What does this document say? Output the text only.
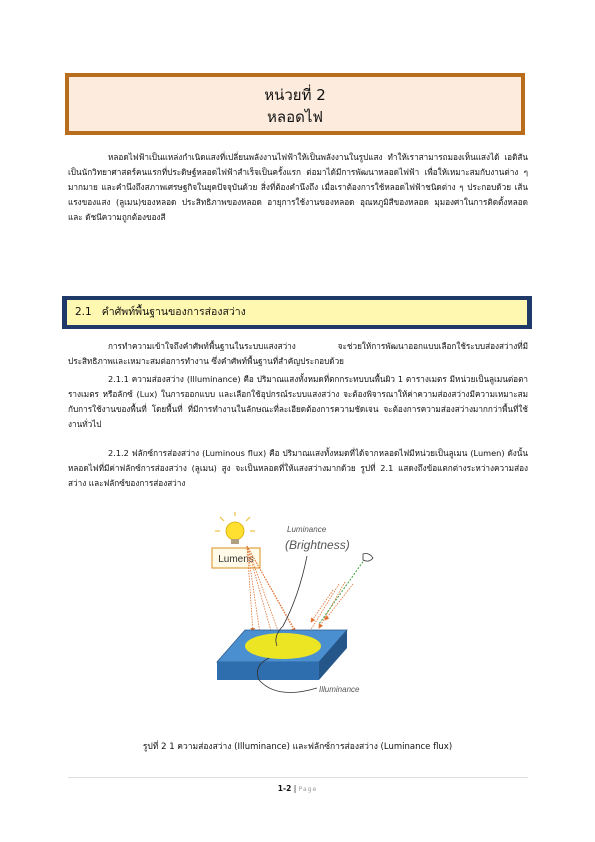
หน่วยที่ 2
หลอดไฟ

หลอดไฟฟ้าเป็นแหล่งกำเนิดแสงที่เปลี่ยนพลังงานไฟฟ้าให้เป็นพลังงานในรูปแสง ทำให้เราสามารถมองเห็นแสงได้ เอดิสัน เป็นนักวิทยาศาสตร์คนแรกที่ประดิษฐ์หลอดไฟฟ้าสำเร็จเป็นครั้งแรก ต่อมาได้มีการพัฒนาหลอดไฟฟ้า เพื่อให้เหมาะสมกับงานต่าง ๆ มากมาย และคำนึงถึงสภาพเศรษฐกิจในยุคปัจจุบันด้วย สิ่งที่ต้องคำนึงถึง เมื่อเราต้องการใช้หลอดไฟฟ้าชนิดต่าง ๆ ประกอบด้วย เส้นแรงของแสง (ลูเมน)ของหลอด ประสิทธิภาพของหลอด อายุการใช้งานของหลอด อุณหภูมิสีของหลอด มุมองศาในการติดตั้งหลอด และ ดัชนีความถูกต้องของสี

2.1 คำศัพท์พื้นฐานของการส่องสว่าง

การทำความเข้าใจถึงคำศัพท์พื้นฐานในระบบแสงสว่าง จะช่วยให้การพัฒนาออกแบบเลือกใช้ระบบส่องสว่างที่มีประสิทธิภาพและเหมาะสมต่อการทำงาน ซึ่งคำศัพท์พื้นฐานที่สำคัญประกอบด้วย

2.1.1 ความส่องสว่าง (Illuminance) คือ ปริมาณแสงทั้งหมดที่ตกกระทบบนพื้นผิว 1 ตารางเมตร มีหน่วยเป็นลูเมนต่อตารางเมตร หรือลักซ์ (Lux) ในการออกแบบ และเลือกใช้อุปกรณ์ระบบแสงสว่าง จะต้องพิจารณาให้ค่าความส่องสว่างมีความเหมาะสม กับการใช้งานของพื้นที่ โดยพื้นที่ ที่มีการทำงานในลักษณะที่ละเอียดต้องการความชัดเจน จะต้องการความส่องสว่างมากกว่าพื้นที่ใช้งานทั่วไป

2.1.2 ฟลักซ์การส่องสว่าง (Luminous flux) คือ ปริมาณแสงทั้งหมดที่ได้จากหลอดไฟมีหน่วยเป็นลูเมน (Lumen) ดังนั้นหลอดไฟที่มีค่าฟลักซ์การส่องสว่าง (ลูเมน) สูง จะเป็นหลอดที่ให้แสงสว่างมากด้วย รูปที่ 2.1 แสดงถึงข้อแตกต่างระหว่างความส่องสว่าง และฟลักซ์ของการส่องสว่าง

Lumens
Luminance
(Brightness)
Illuminance
รูปที่ 2 1 ความส่องสว่าง (Illuminance) และฟลักซ์การส่องสว่าง (Luminance flux)
1-2 | Page
